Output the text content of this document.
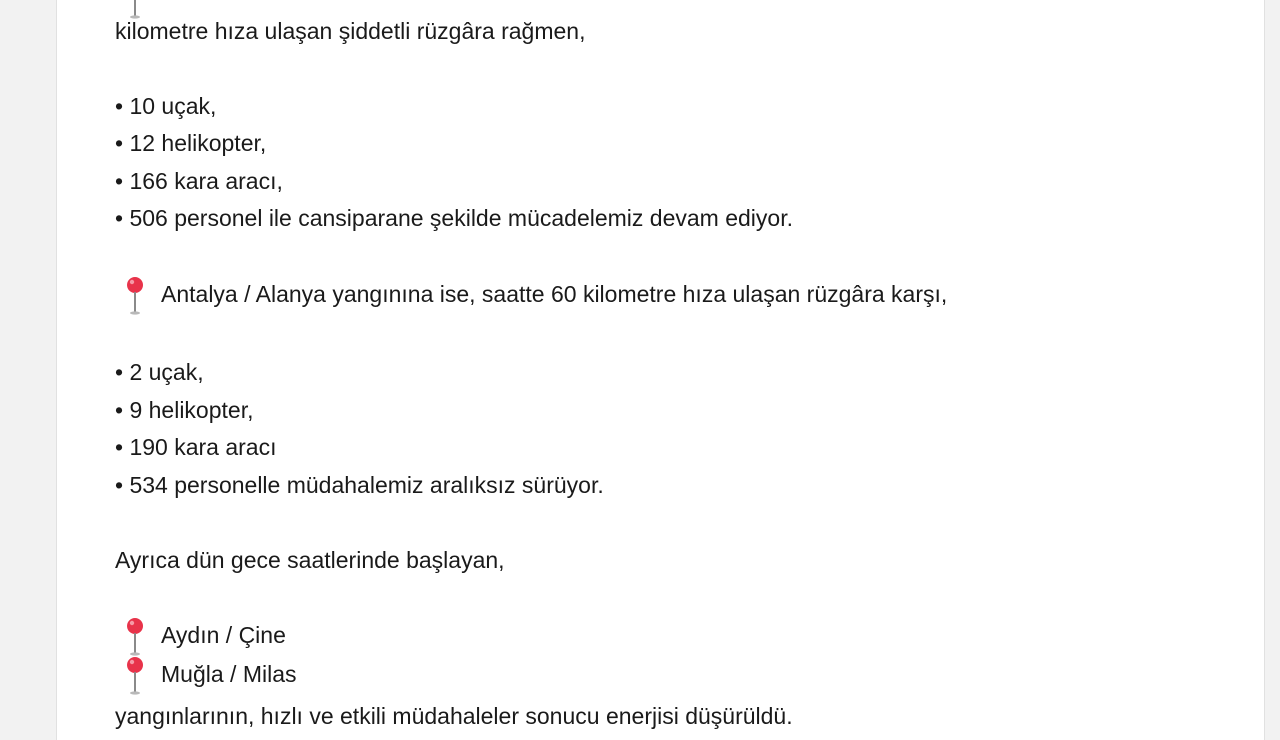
kilometre hıza ulaşan şiddetli rüzgâra rağmen,
• 10 uçak,
• 12 helikopter,
• 166 kara aracı,
• 506 personel ile cansiparane şekilde mücadelemiz devam ediyor.
Antalya / Alanya yangınına ise, saatte 60 kilometre hıza ulaşan rüzgâra karşı,
• 2 uçak,
• 9 helikopter,
• 190 kara aracı
• 534 personelle müdahalemiz aralıksız sürüyor.
Ayrıca dün gece saatlerinde başlayan,
Aydın / Çine
Muğla / Milas
yangınlarının, hızlı ve etkili müdahaleler sonucu enerjisi düşürüldü.
